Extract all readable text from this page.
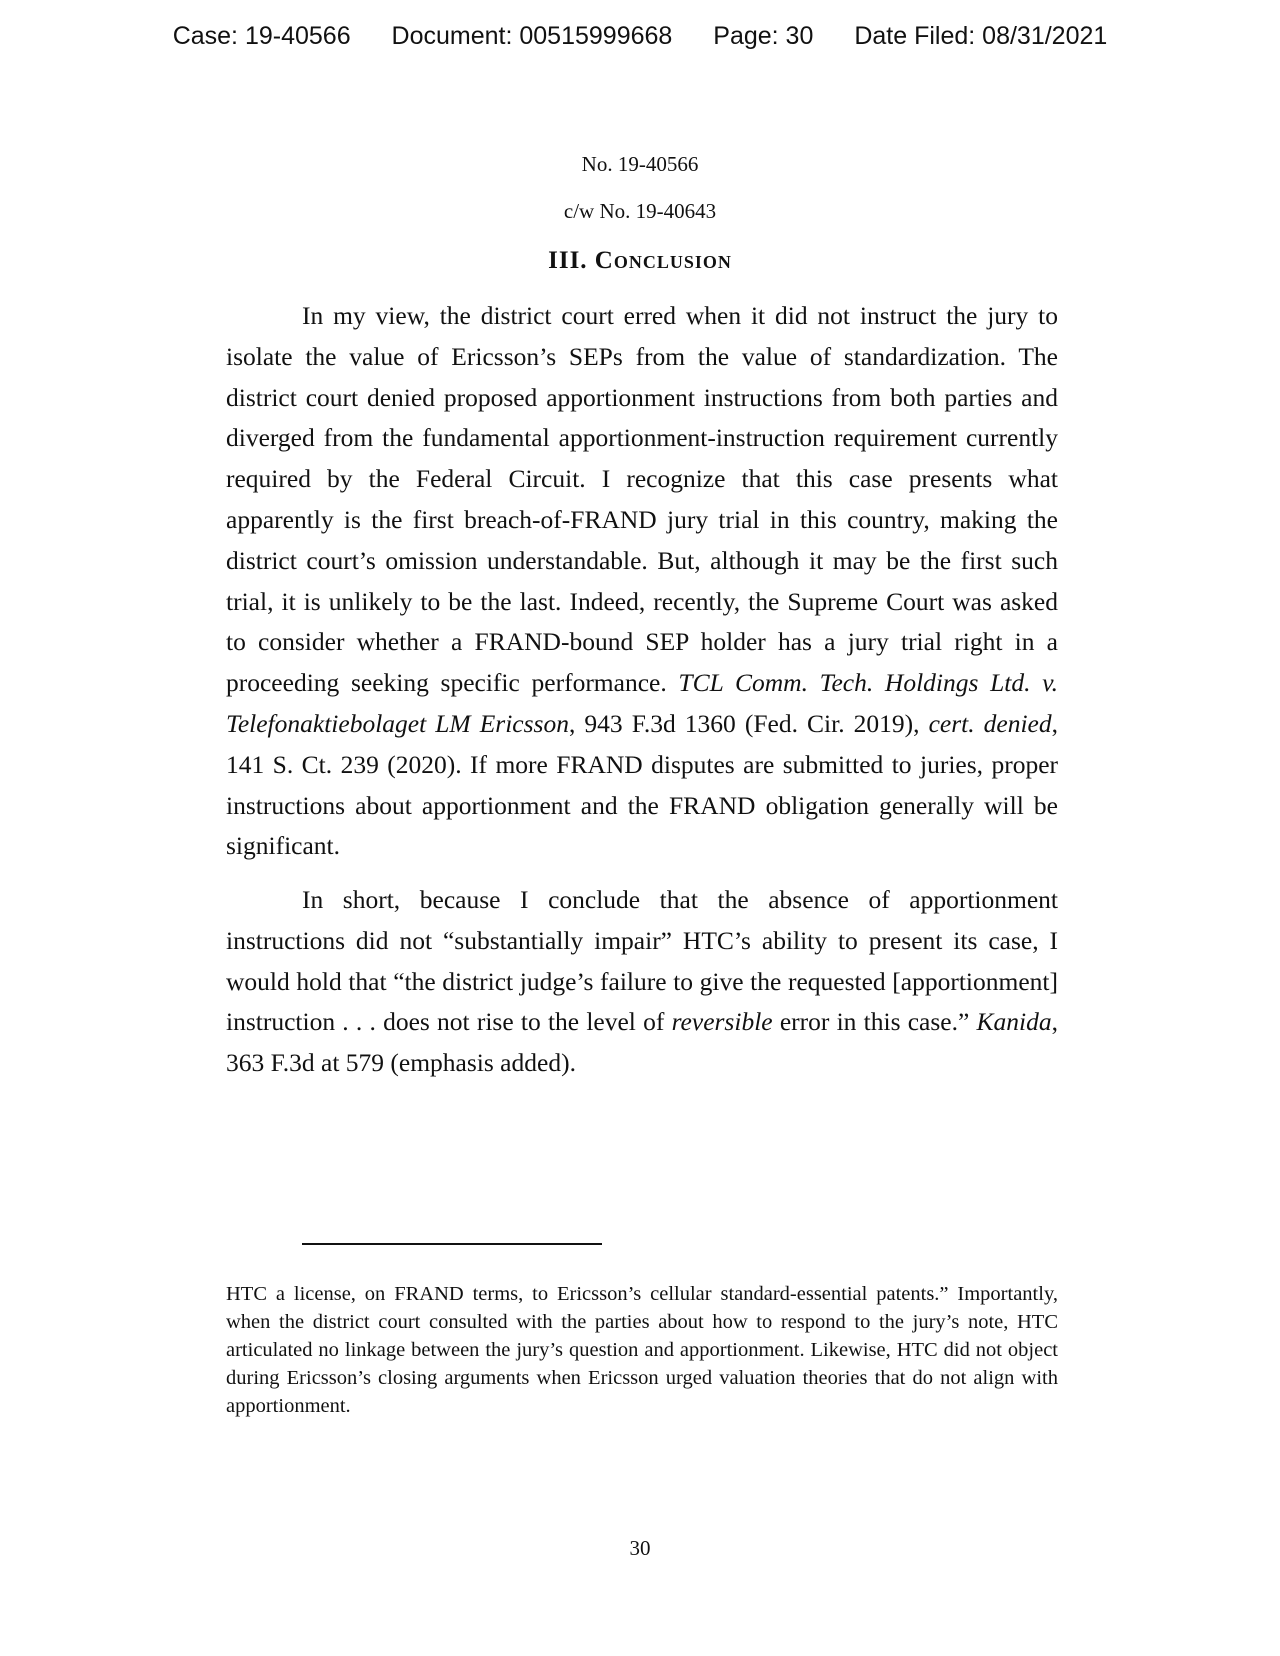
Case: 19-40566 Document: 00515999668 Page: 30 Date Filed: 08/31/2021
No. 19-40566
c/w No. 19-40643
III. Conclusion

In my view, the district court erred when it did not instruct the jury to isolate the value of Ericsson’s SEPs from the value of standardization. The district court denied proposed apportionment instructions from both parties and diverged from the fundamental apportionment-instruction requirement currently required by the Federal Circuit. I recognize that this case presents what apparently is the first breach-of-FRAND jury trial in this country, making the district court’s omission understandable. But, although it may be the first such trial, it is unlikely to be the last. Indeed, recently, the Supreme Court was asked to consider whether a FRAND-bound SEP holder has a jury trial right in a proceeding seeking specific performance. TCL Comm. Tech. Holdings Ltd. v. Telefonaktiebolaget LM Ericsson, 943 F.3d 1360 (Fed. Cir. 2019), cert. denied, 141 S. Ct. 239 (2020). If more FRAND disputes are submitted to juries, proper instructions about apportionment and the FRAND obligation generally will be significant.

In short, because I conclude that the absence of apportionment instructions did not “substantially impair” HTC’s ability to present its case, I would hold that “the district judge’s failure to give the requested [apportionment] instruction . . . does not rise to the level of reversible error in this case.” Kanida, 363 F.3d at 579 (emphasis added).

HTC a license, on FRAND terms, to Ericsson’s cellular standard-essential patents.” Importantly, when the district court consulted with the parties about how to respond to the jury’s note, HTC articulated no linkage between the jury’s question and apportionment. Likewise, HTC did not object during Ericsson’s closing arguments when Ericsson urged valuation theories that do not align with apportionment.

30
